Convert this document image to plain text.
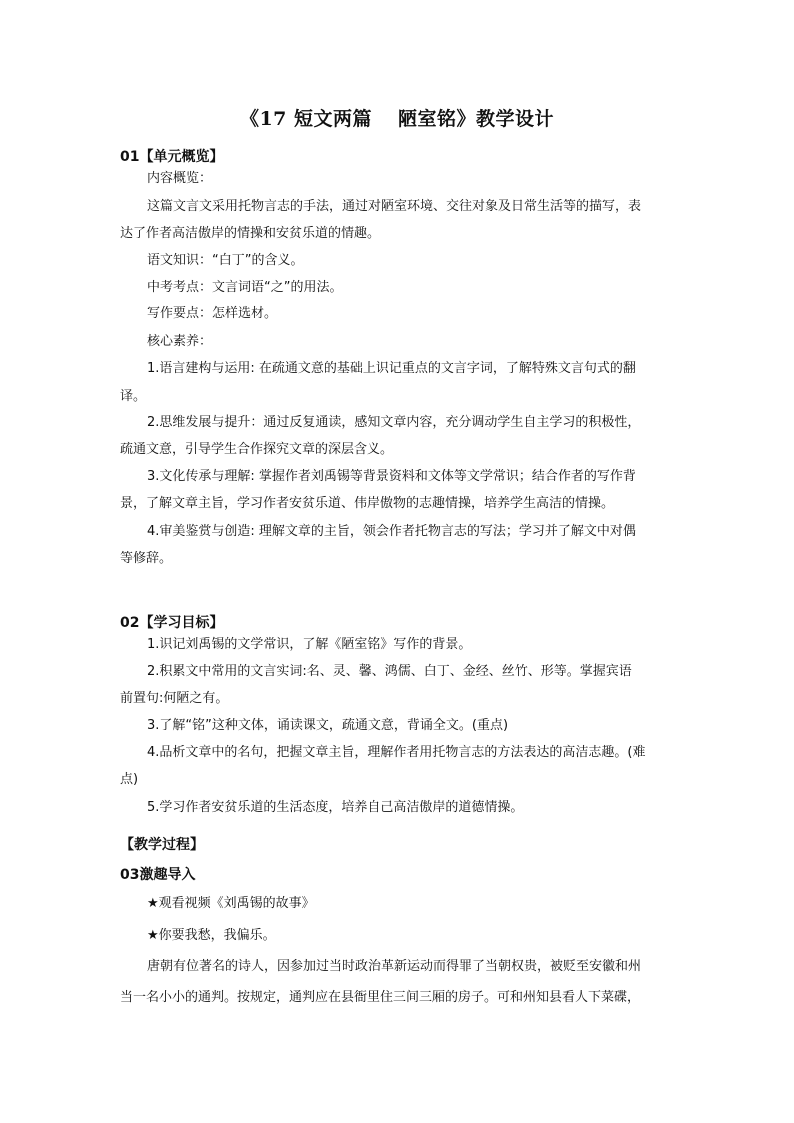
《17 短文两篇 陋室铭》教学设计
01【单元概览】
内容概览：
这篇文言文采用托物言志的手法，通过对陋室环境、交往对象及日常生活等的描写，表
达了作者高洁傲岸的情操和安贫乐道的情趣。
语文知识：“白丁”的含义。
中考考点：文言词语“之”的用法。
写作要点：怎样选材。
核心素养：
1.语言建构与运用: 在疏通文意的基础上识记重点的文言字词，了解特殊文言句式的翻
译。
2.思维发展与提升：通过反复通读，感知文章内容，充分调动学生自主学习的积极性，
疏通文意，引导学生合作探究文章的深层含义。
3.文化传承与理解: 掌握作者刘禹锡等背景资料和文体等文学常识；结合作者的写作背
景，了解文章主旨，学习作者安贫乐道、伟岸傲物的志趣情操，培养学生高洁的情操。
4.审美鉴赏与创造: 理解文章的主旨，领会作者托物言志的写法；学习并了解文中对偶
等修辞。
02【学习目标】
1.识记刘禹锡的文学常识，了解《陋室铭》写作的背景。
2.积累文中常用的文言实词:名、灵、馨、鸿儒、白丁、金经、丝竹、形等。掌握宾语
前置句:何陋之有。
3.了解“铭”这种文体，诵读课文，疏通文意，背诵全文。(重点)
4.品析文章中的名句，把握文章主旨，理解作者用托物言志的方法表达的高洁志趣。(难
点)
5.学习作者安贫乐道的生活态度，培养自己高洁傲岸的道德情操。
【教学过程】
03激趣导入
★观看视频《刘禹锡的故事》
★你要我愁，我偏乐。
唐朝有位著名的诗人，因参加过当时政治革新运动而得罪了当朝权贵，被贬至安徽和州
当一名小小的通判。按规定，通判应在县衙里住三间三厢的房子。可和州知县看人下菜碟，
